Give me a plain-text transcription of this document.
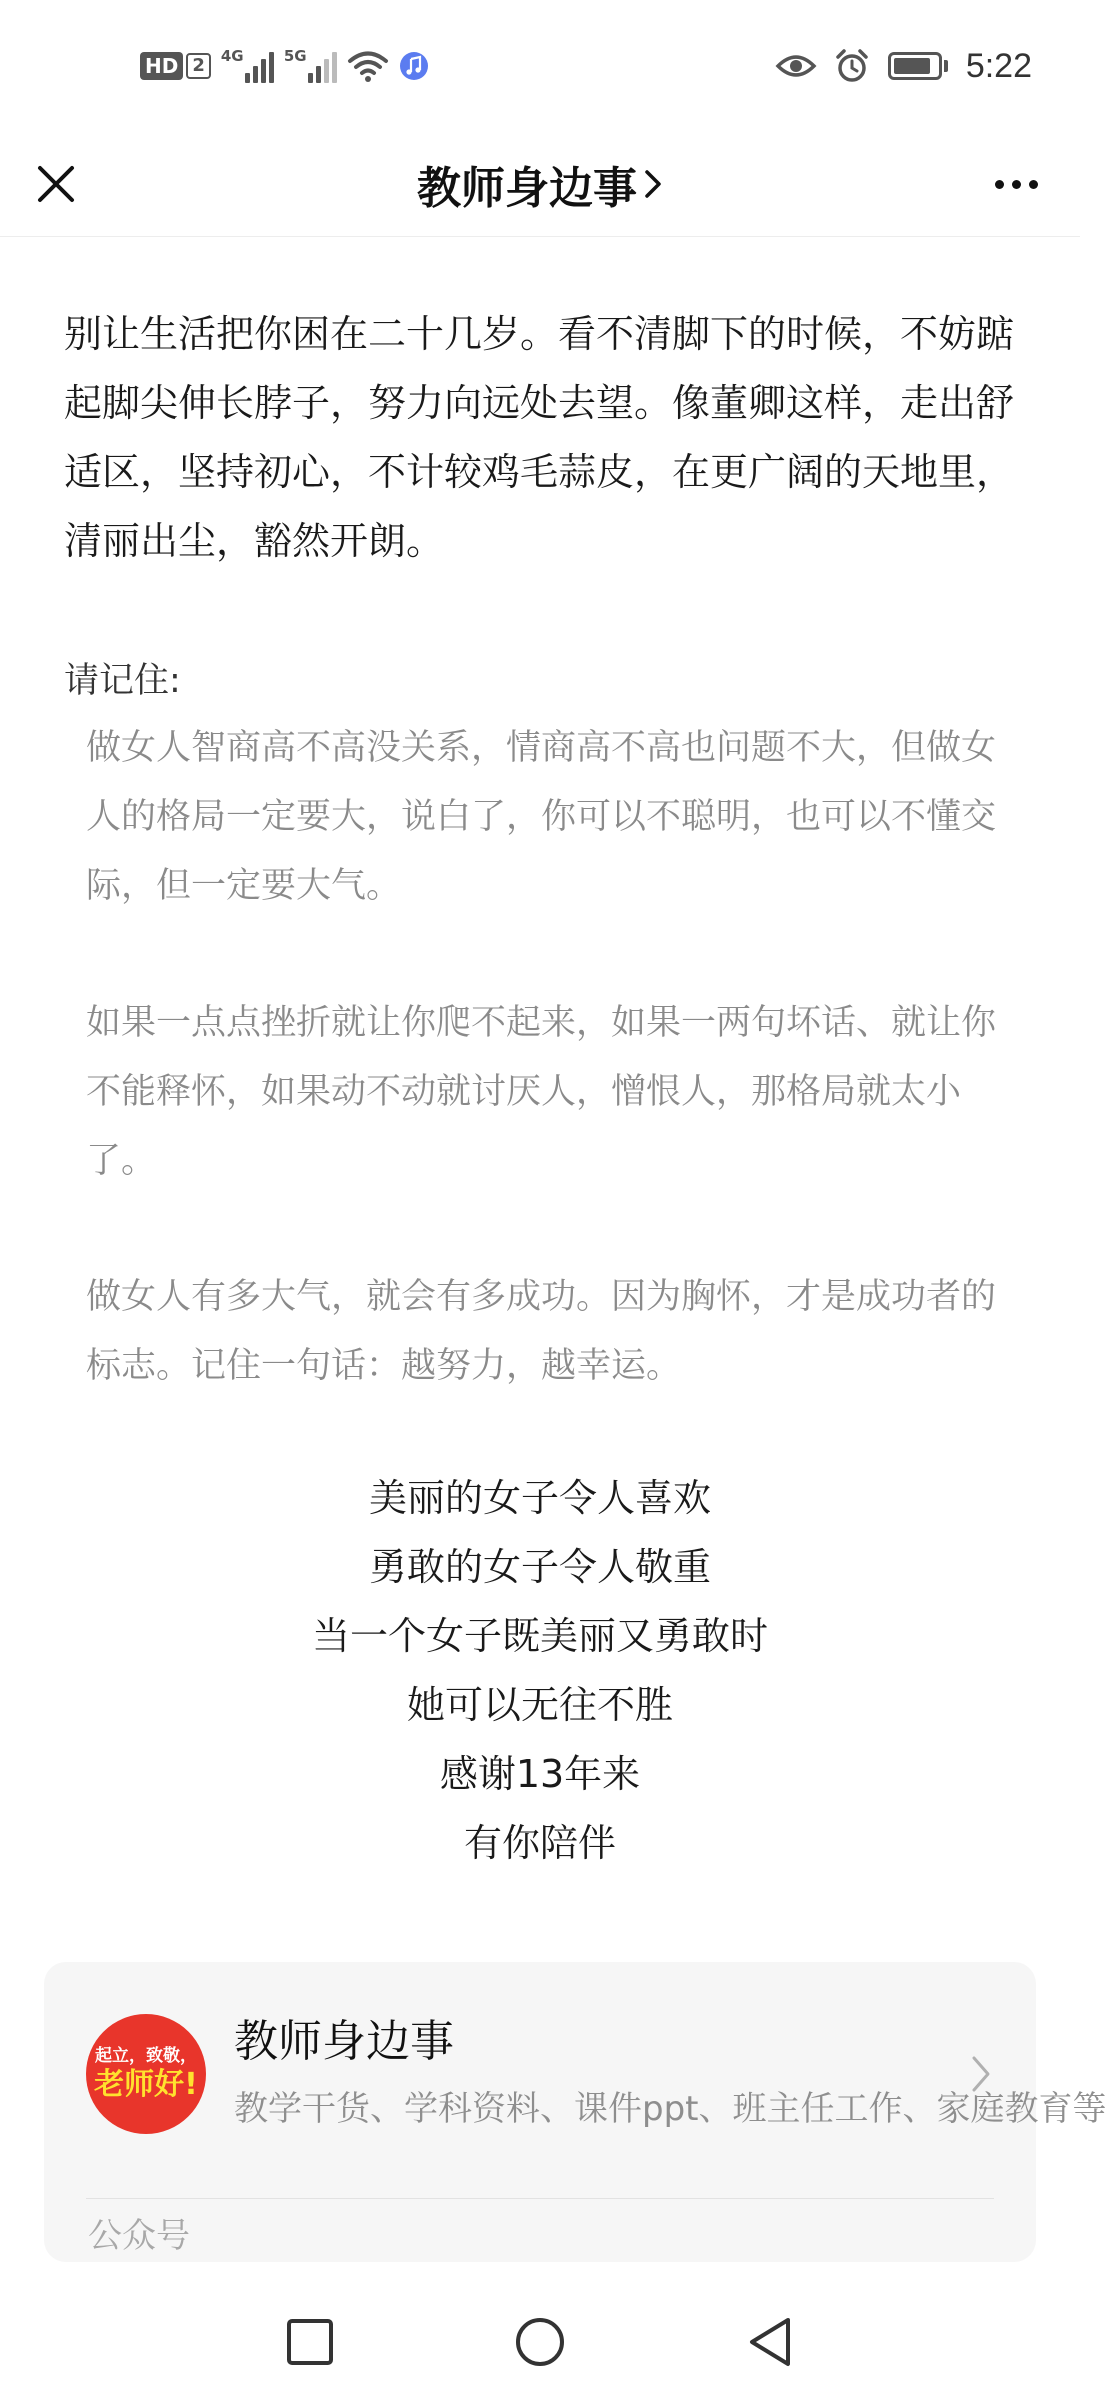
HD 2	4G	5G	5:22
教师身边事

别让生活把你困在二十几岁。看不清脚下的时候，不妨踮起脚尖伸长脖子，努力向远处去望。像董卿这样，走出舒适区，坚持初心，不计较鸡毛蒜皮，在更广阔的天地里，清丽出尘，豁然开朗。

请记住:

做女人智商高不高没关系，情商高不高也问题不大，但做女人的格局一定要大，说白了，你可以不聪明，也可以不懂交际，但一定要大气。

如果一点点挫折就让你爬不起来，如果一两句坏话、就让你不能释怀，如果动不动就讨厌人，憎恨人，那格局就太小了。

做女人有多大气，就会有多成功。因为胸怀，才是成功者的标志。记住一句话：越努力，越幸运。

美丽的女子令人喜欢
勇敢的女子令人敬重
当一个女子既美丽又勇敢时
她可以无往不胜
感谢13年来
有你陪伴
起立，致敬，
老师好!

教师身边事

教学干货、学科资料、课件ppt、班主任工作、家庭教育等

公众号
